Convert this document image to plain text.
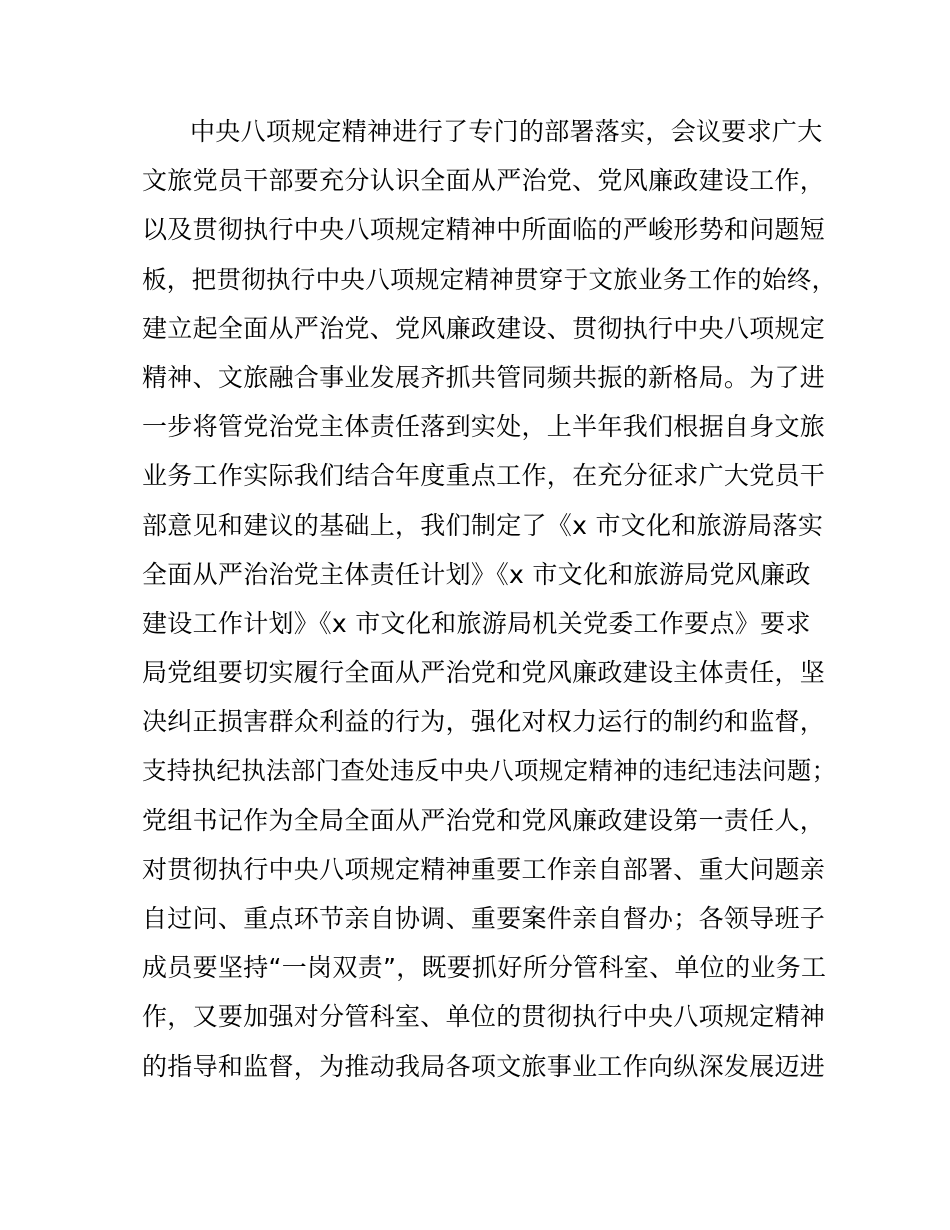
中央八项规定精神进行了专门的部署落实，会议要求广大
文旅党员干部要充分认识全面从严治党、党风廉政建设工作，
以及贯彻执行中央八项规定精神中所面临的严峻形势和问题短
板，把贯彻执行中央八项规定精神贯穿于文旅业务工作的始终，
建立起全面从严治党、党风廉政建设、贯彻执行中央八项规定
精神、文旅融合事业发展齐抓共管同频共振的新格局。为了进
一步将管党治党主体责任落到实处，上半年我们根据自身文旅
业务工作实际我们结合年度重点工作，在充分征求广大党员干
部意见和建议的基础上，我们制定了《x 市文化和旅游局落实
全面从严治治党主体责任计划》《x 市文化和旅游局党风廉政
建设工作计划》《x 市文化和旅游局机关党委工作要点》要求
局党组要切实履行全面从严治党和党风廉政建设主体责任，坚
决纠正损害群众利益的行为，强化对权力运行的制约和监督，
支持执纪执法部门查处违反中央八项规定精神的违纪违法问题；
党组书记作为全局全面从严治党和党风廉政建设第一责任人，
对贯彻执行中央八项规定精神重要工作亲自部署、重大问题亲
自过问、重点环节亲自协调、重要案件亲自督办；各领导班子
成员要坚持“一岗双责”，既要抓好所分管科室、单位的业务工
作，又要加强对分管科室、单位的贯彻执行中央八项规定精神
的指导和监督，为推动我局各项文旅事业工作向纵深发展迈进
